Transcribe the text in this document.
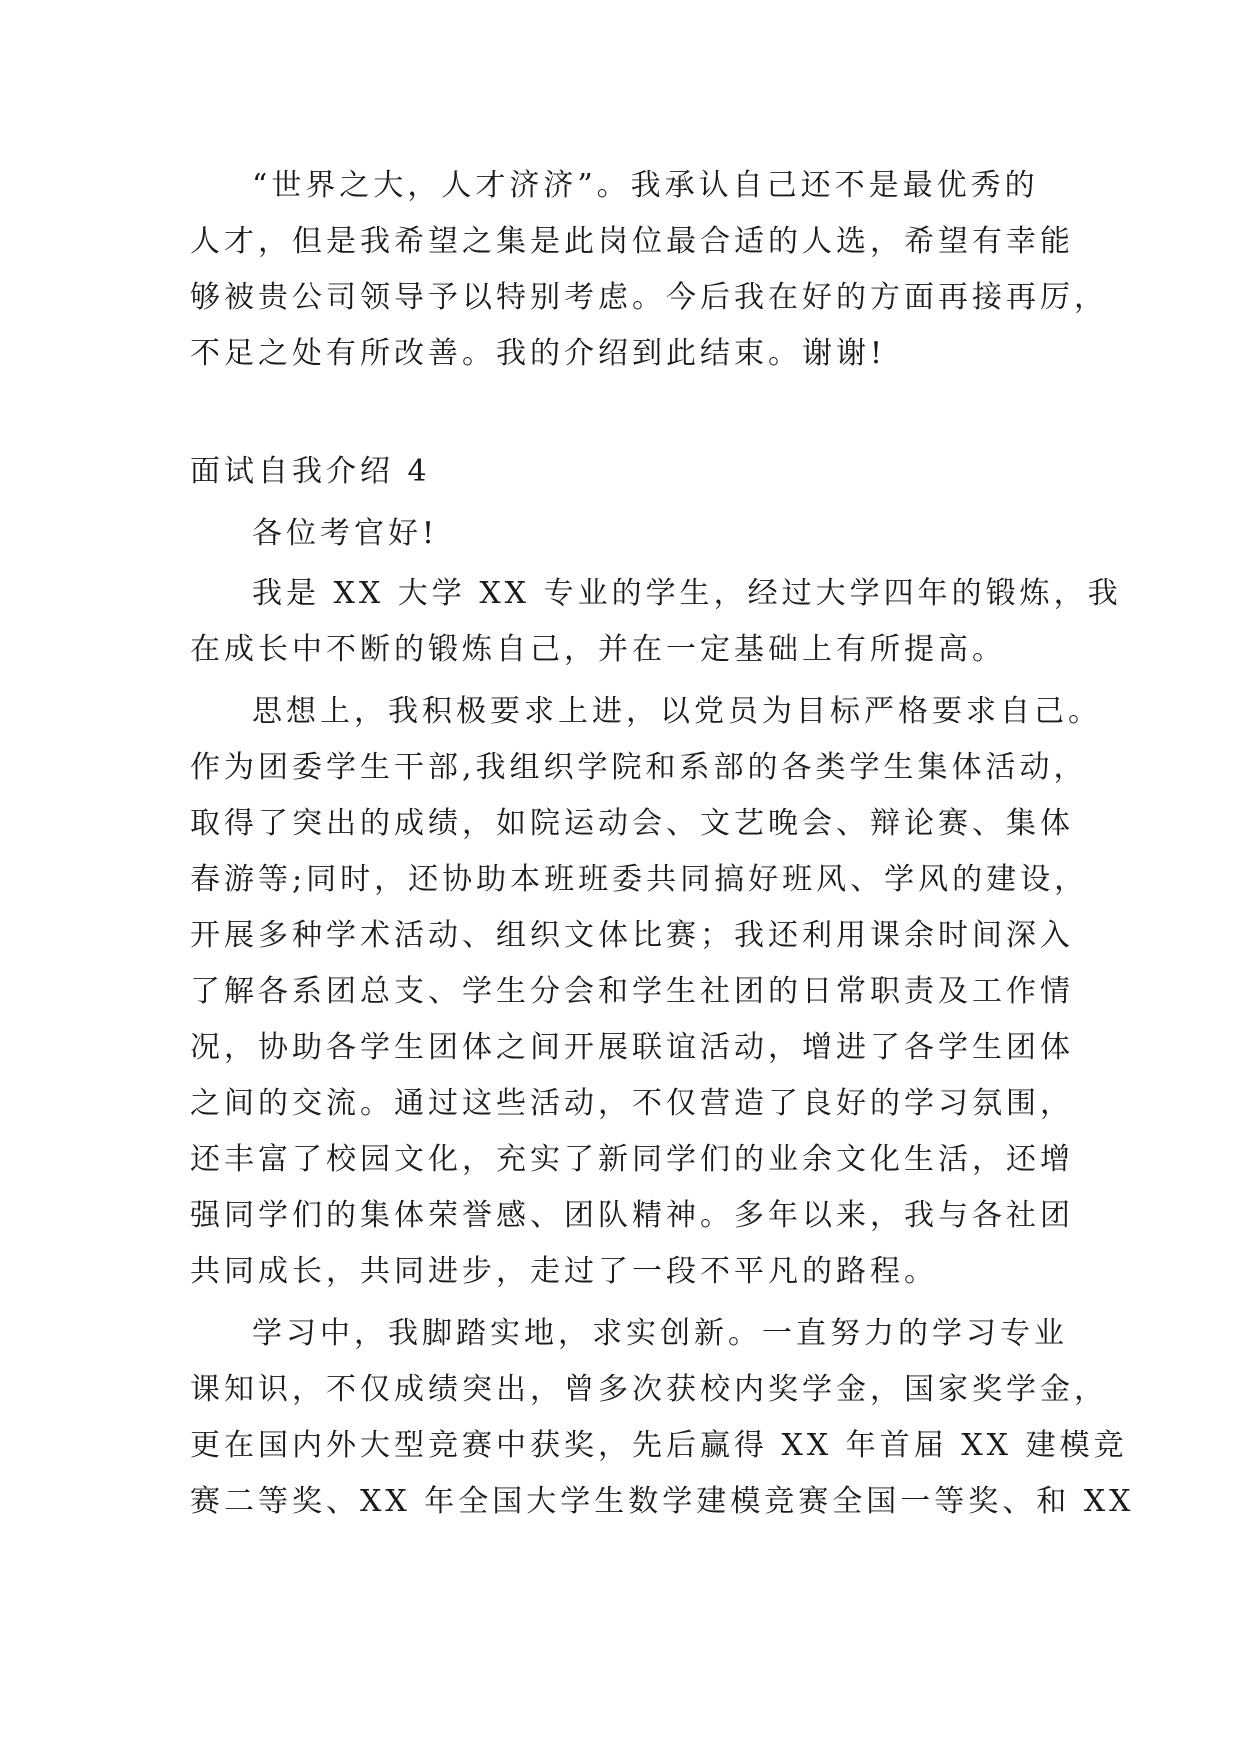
“世界之大，人才济济”。我承认自己还不是最优秀的
人才，但是我希望之集是此岗位最合适的人选，希望有幸能
够被贵公司领导予以特别考虑。今后我在好的方面再接再厉，
不足之处有所改善。我的介绍到此结束。谢谢!
面试自我介绍 4
各位考官好!
我是 XX 大学 XX 专业的学生，经过大学四年的锻炼，我
在成长中不断的锻炼自己，并在一定基础上有所提高。
思想上，我积极要求上进，以党员为目标严格要求自己。
作为团委学生干部,我组织学院和系部的各类学生集体活动，
取得了突出的成绩，如院运动会、文艺晚会、辩论赛、集体
春游等;同时，还协助本班班委共同搞好班风、学风的建设，
开展多种学术活动、组织文体比赛；我还利用课余时间深入
了解各系团总支、学生分会和学生社团的日常职责及工作情
况，协助各学生团体之间开展联谊活动，增进了各学生团体
之间的交流。通过这些活动，不仅营造了良好的学习氛围，
还丰富了校园文化，充实了新同学们的业余文化生活，还增
强同学们的集体荣誉感、团队精神。多年以来，我与各社团
共同成长，共同进步，走过了一段不平凡的路程。
学习中，我脚踏实地，求实创新。一直努力的学习专业
课知识，不仅成绩突出，曾多次获校内奖学金，国家奖学金，
更在国内外大型竞赛中获奖，先后赢得 XX 年首届 XX 建模竞
赛二等奖、XX 年全国大学生数学建模竞赛全国一等奖、和 XX
